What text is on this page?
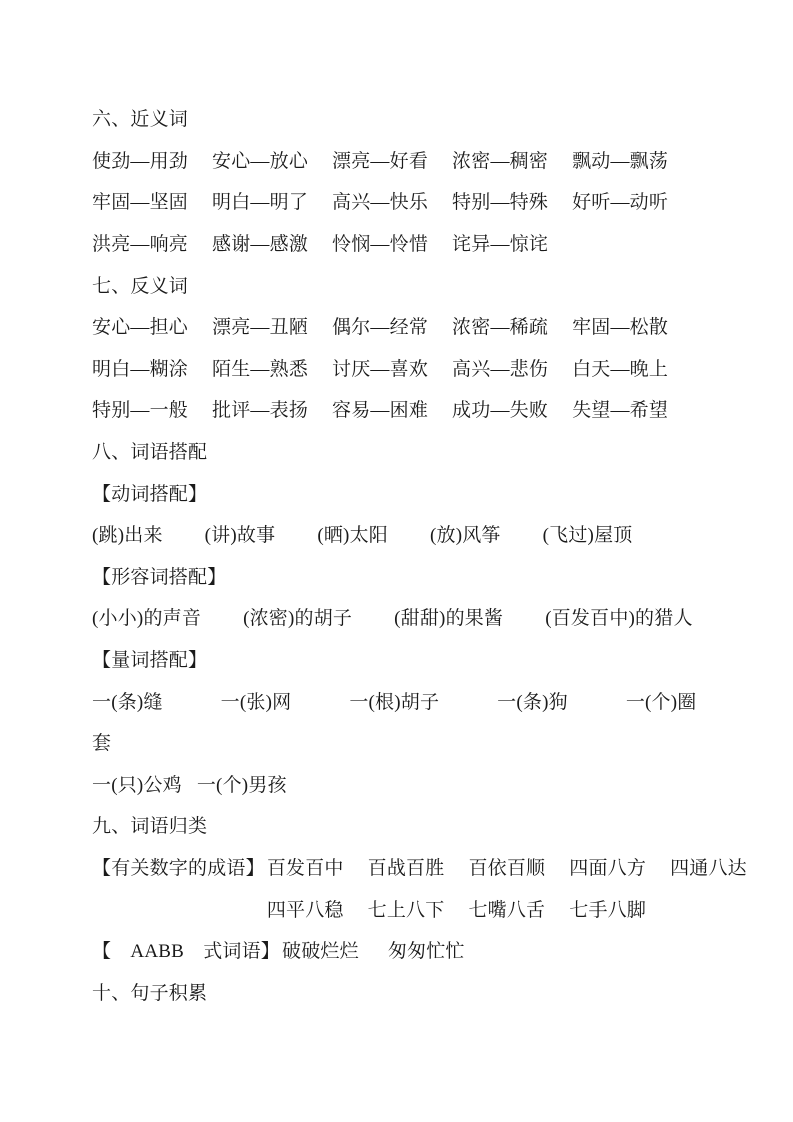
六、近义词
使劲—用劲 安心—放心 漂亮—好看 浓密—稠密 飘动—飘荡
牢固—坚固 明白—明了 高兴—快乐 特别—特殊 好听—动听
洪亮—响亮 感谢—感激 怜悯—怜惜 诧异—惊诧
七、反义词
安心—担心 漂亮—丑陋 偶尔—经常 浓密—稀疏 牢固—松散
明白—糊涂 陌生—熟悉 讨厌—喜欢 高兴—悲伤 白天—晚上
特别—一般 批评—表扬 容易—困难 成功—失败 失望—希望
八、词语搭配
【动词搭配】
(跳)出来 (讲)故事 (晒)太阳 (放)风筝 (飞过)屋顶
【形容词搭配】
(小小)的声音 (浓密)的胡子 (甜甜)的果酱 (百发百中)的猎人
【量词搭配】
一(条)缝	一(张)网	一(根)胡子	一(条)狗	一(个)圈
套
一(只)公鸡 一(个)男孩
九、词语归类
【有关数字的成语】 百发百中 百战百胜 百依百顺 四面八方 四通八达
四平八稳 七上八下 七嘴八舌 七手八脚
【　AABB　式词语】 破破烂烂 匆匆忙忙
十、句子积累
